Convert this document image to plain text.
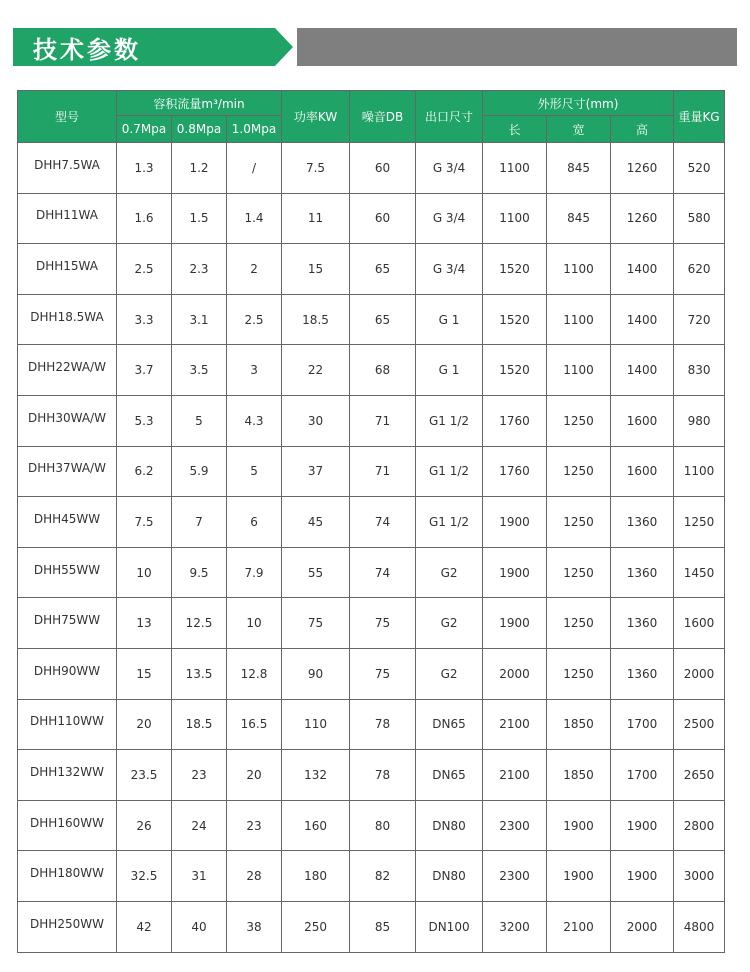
技术参数
型号	容积流量m³/min			功率KW	噪音DB	出口尺寸	外形尺寸(mm)			重量KG
	0.7Mpa	0.8Mpa	1.0Mpa				长	宽	高	
DHH7.5WA	1.3	1.2	/	7.5	60	G 3/4	1100	845	1260	520
DHH11WA	1.6	1.5	1.4	11	60	G 3/4	1100	845	1260	580
DHH15WA	2.5	2.3	2	15	65	G 3/4	1520	1100	1400	620
DHH18.5WA	3.3	3.1	2.5	18.5	65	G 1	1520	1100	1400	720
DHH22WA/W	3.7	3.5	3	22	68	G 1	1520	1100	1400	830
DHH30WA/W	5.3	5	4.3	30	71	G1 1/2	1760	1250	1600	980
DHH37WA/W	6.2	5.9	5	37	71	G1 1/2	1760	1250	1600	1100
DHH45WW	7.5	7	6	45	74	G1 1/2	1900	1250	1360	1250
DHH55WW	10	9.5	7.9	55	74	G2	1900	1250	1360	1450
DHH75WW	13	12.5	10	75	75	G2	1900	1250	1360	1600
DHH90WW	15	13.5	12.8	90	75	G2	2000	1250	1360	2000
DHH110WW	20	18.5	16.5	110	78	DN65	2100	1850	1700	2500
DHH132WW	23.5	23	20	132	78	DN65	2100	1850	1700	2650
DHH160WW	26	24	23	160	80	DN80	2300	1900	1900	2800
DHH180WW	32.5	31	28	180	82	DN80	2300	1900	1900	3000
DHH250WW	42	40	38	250	85	DN100	3200	2100	2000	4800
